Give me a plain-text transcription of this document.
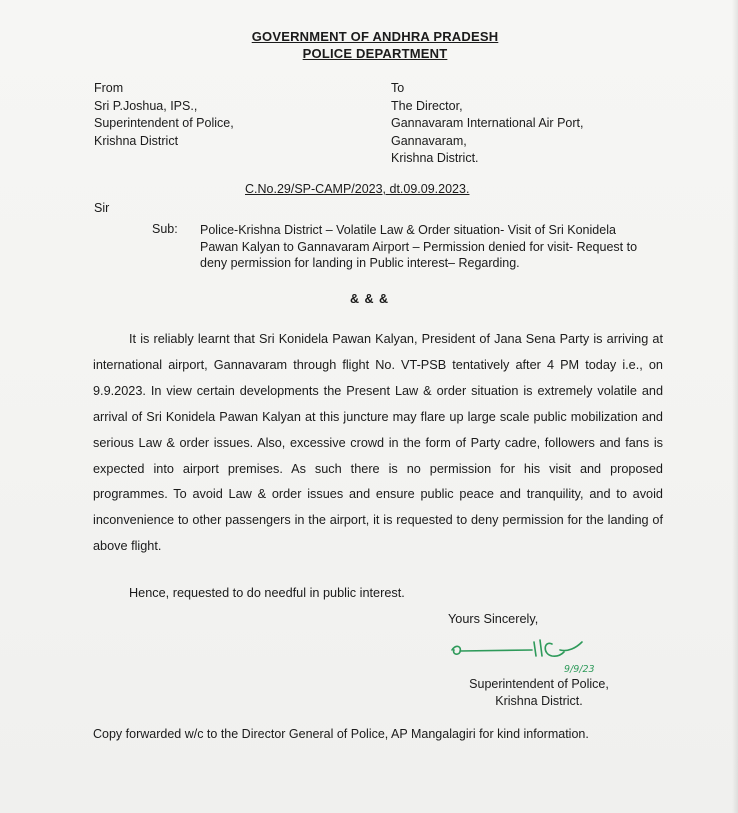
GOVERNMENT OF ANDHRA PRADESH
POLICE DEPARTMENT
From
Sri P.Joshua, IPS.,
Superintendent of Police,
Krishna District
To
The Director,
Gannavaram International Air Port,
Gannavaram,
Krishna District.
C.No.29/SP-CAMP/2023, dt.09.09.2023.
Sir
Sub: Police-Krishna District – Volatile Law & Order situation- Visit of Sri Konidela Pawan Kalyan to Gannavaram Airport – Permission denied for visit- Request to deny permission for landing in Public interest– Regarding.
& & &
It is reliably learnt that Sri Konidela Pawan Kalyan, President of Jana Sena Party is arriving at international airport, Gannavaram through flight No. VT-PSB tentatively after 4 PM today i.e., on 9.9.2023. In view certain developments the Present Law & order situation is extremely volatile and arrival of Sri Konidela Pawan Kalyan at this juncture may flare up large scale public mobilization and serious Law & order issues. Also, excessive crowd in the form of Party cadre, followers and fans is expected into airport premises. As such there is no permission for his visit and proposed programmes. To avoid Law & order issues and ensure public peace and tranquility, and to avoid inconvenience to other passengers in the airport, it is requested to deny permission for the landing of above flight.
Hence, requested to do needful in public interest.
Yours Sincerely,
9/9/23
Superintendent of Police,
Krishna District.
Copy forwarded w/c to the Director General of Police, AP Mangalagiri for kind information.
